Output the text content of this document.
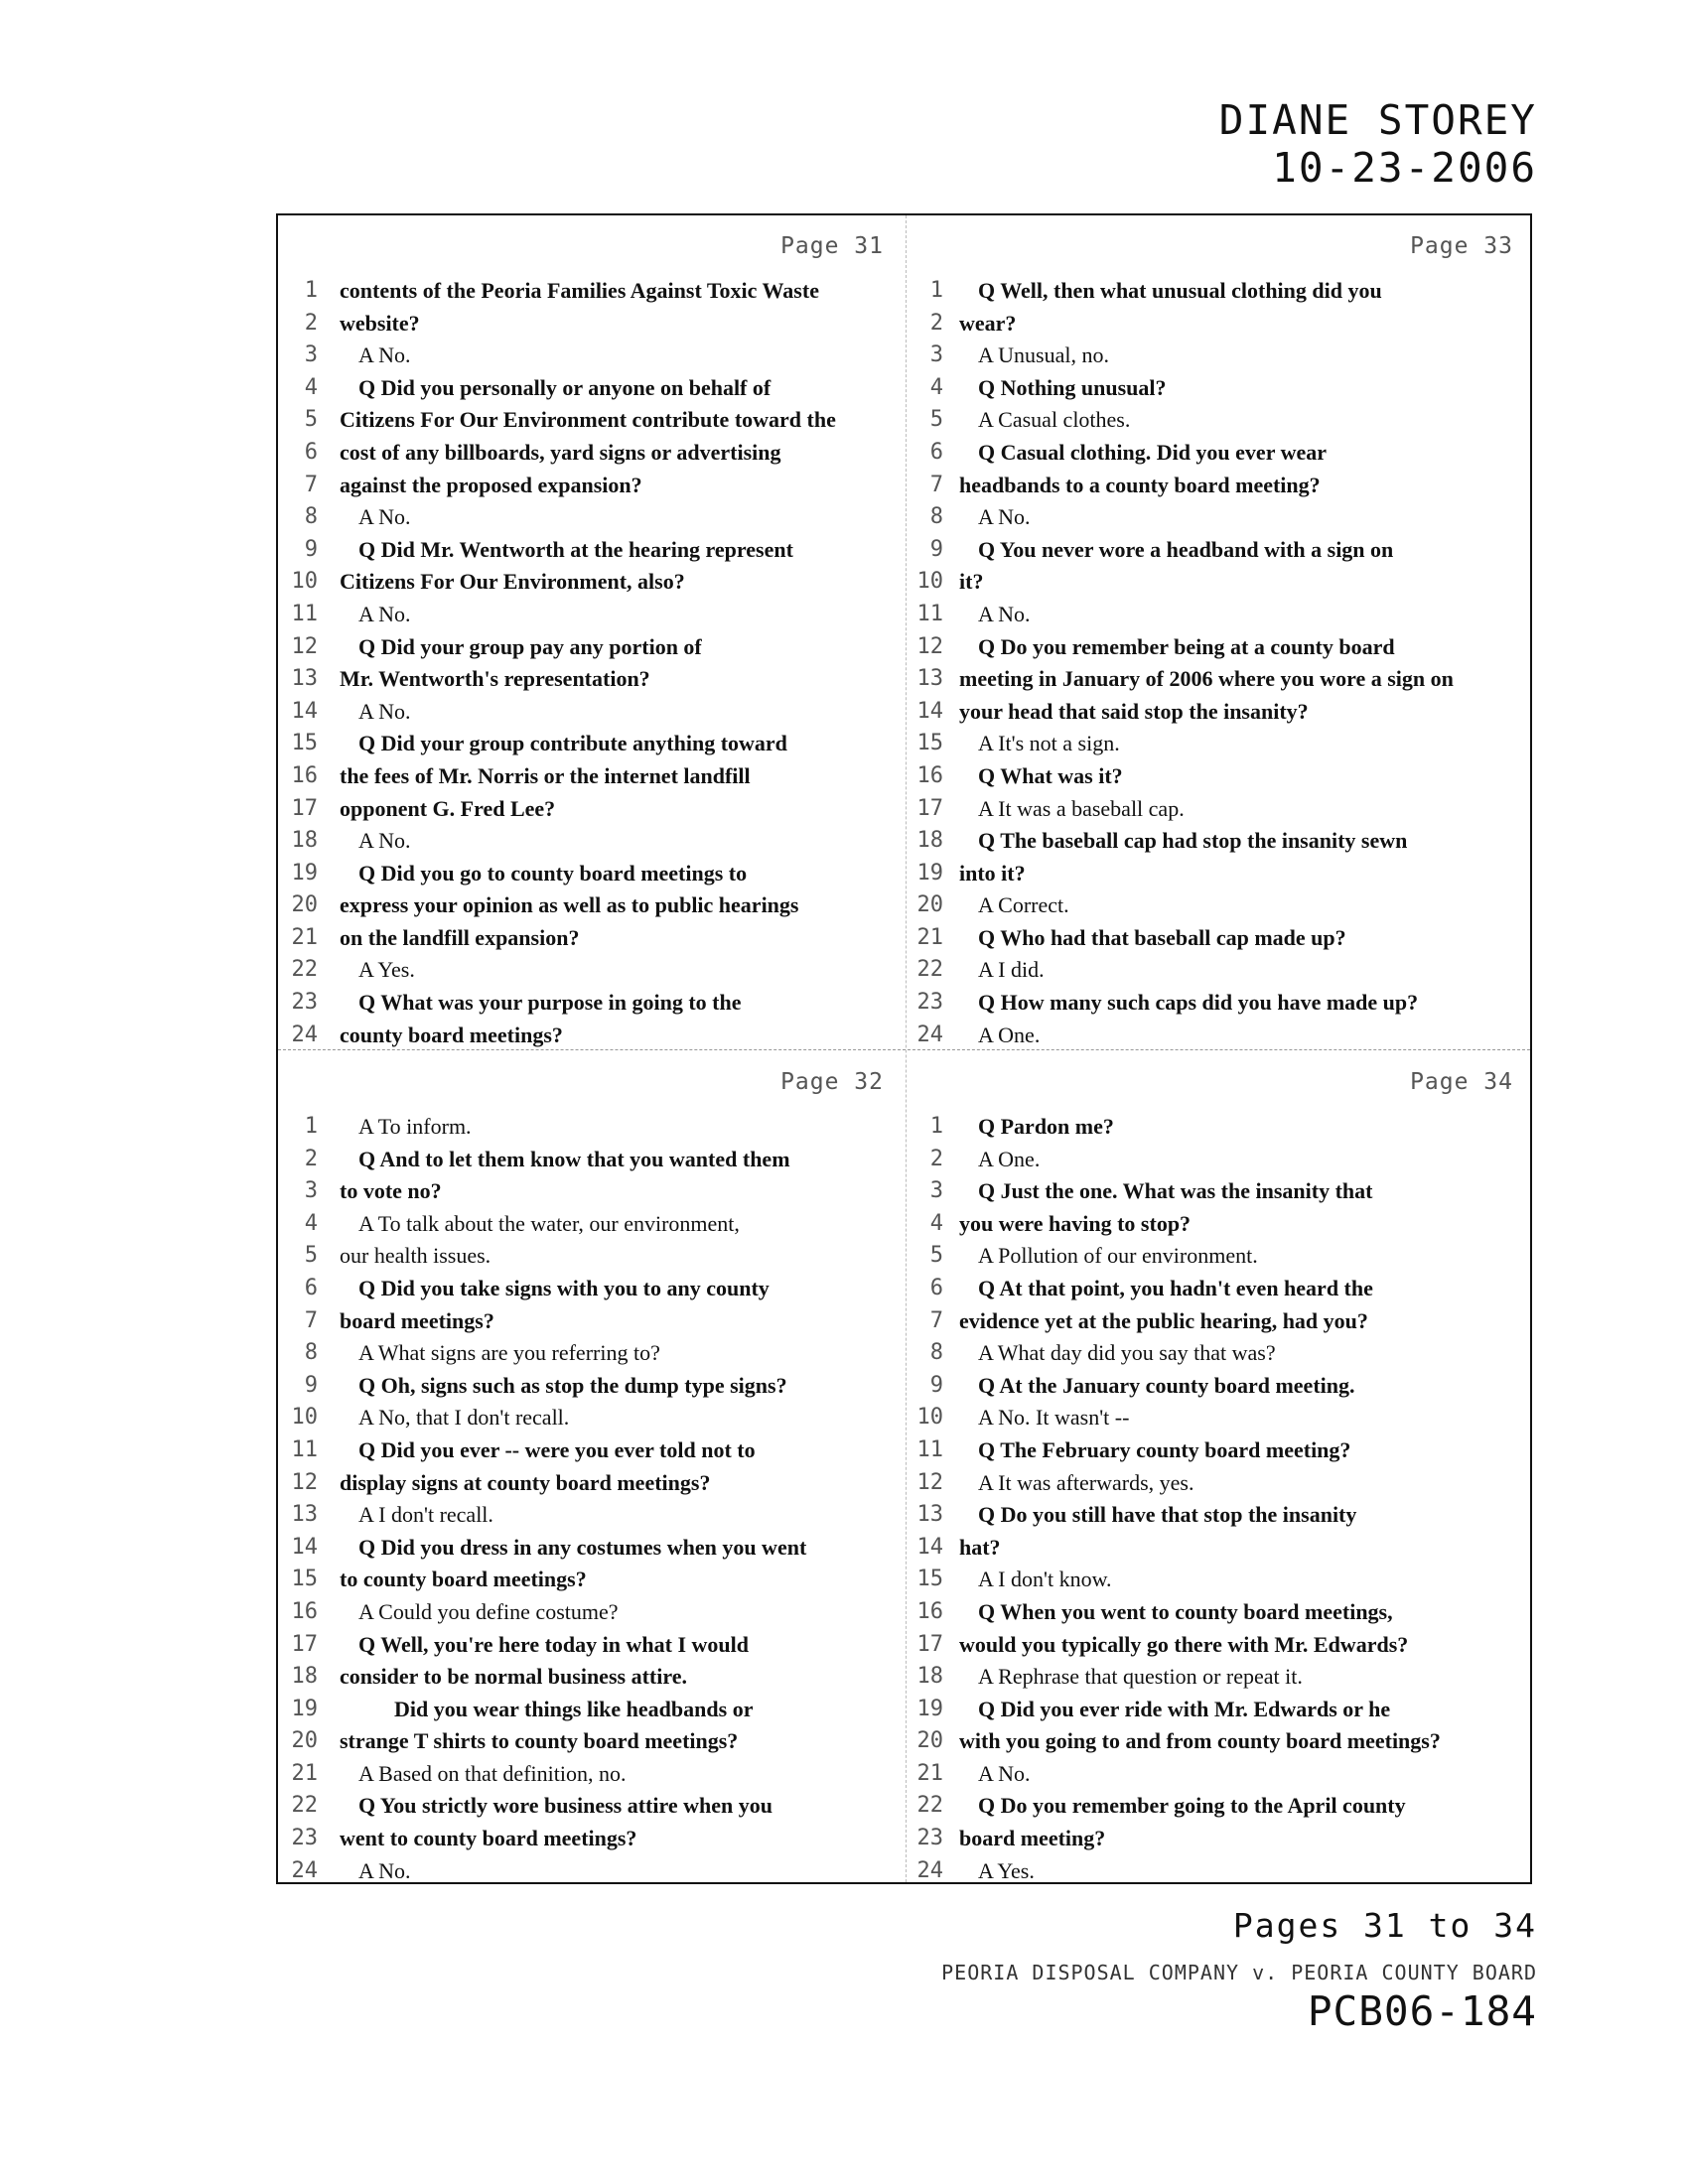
DIANE STOREY
10-23-2006
Page 31
1 contents of the Peoria Families Against Toxic Waste
2 website?
3	A No.
4	Q Did you personally or anyone on behalf of
5 Citizens For Our Environment contribute toward the
6 cost of any billboards, yard signs or advertising
7 against the proposed expansion?
8	A No.
9	Q Did Mr. Wentworth at the hearing represent
10 Citizens For Our Environment, also?
11	A No.
12	Q Did your group pay any portion of
13 Mr. Wentworth's representation?
14	A No.
15	Q Did your group contribute anything toward
16 the fees of Mr. Norris or the internet landfill
17 opponent G. Fred Lee?
18	A No.
19	Q Did you go to county board meetings to
20 express your opinion as well as to public hearings
21 on the landfill expansion?
22	A Yes.
23	Q What was your purpose in going to the
24 county board meetings?
Page 33
1	Q Well, then what unusual clothing did you
2 wear?
3	A Unusual, no.
4	Q Nothing unusual?
5	A Casual clothes.
6	Q Casual clothing. Did you ever wear
7 headbands to a county board meeting?
8	A No.
9	Q You never wore a headband with a sign on
10 it?
11	A No.
12	Q Do you remember being at a county board
13 meeting in January of 2006 where you wore a sign on
14 your head that said stop the insanity?
15	A It's not a sign.
16	Q What was it?
17	A It was a baseball cap.
18	Q The baseball cap had stop the insanity sewn
19 into it?
20	A Correct.
21	Q Who had that baseball cap made up?
22	A I did.
23	Q How many such caps did you have made up?
24	A One.
Page 32
1	A To inform.
2	Q And to let them know that you wanted them
3 to vote no?
4	A To talk about the water, our environment,
5 our health issues.
6	Q Did you take signs with you to any county
7 board meetings?
8	A What signs are you referring to?
9	Q Oh, signs such as stop the dump type signs?
10	A No, that I don't recall.
11	Q Did you ever -- were you ever told not to
12 display signs at county board meetings?
13	A I don't recall.
14	Q Did you dress in any costumes when you went
15 to county board meetings?
16	A Could you define costume?
17	Q Well, you're here today in what I would
18 consider to be normal business attire.
19	Did you wear things like headbands or
20 strange T shirts to county board meetings?
21	A Based on that definition, no.
22	Q You strictly wore business attire when you
23 went to county board meetings?
24	A No.
Page 34
1	Q Pardon me?
2	A One.
3	Q Just the one. What was the insanity that
4 you were having to stop?
5	A Pollution of our environment.
6	Q At that point, you hadn't even heard the
7 evidence yet at the public hearing, had you?
8	A What day did you say that was?
9	Q At the January county board meeting.
10	A No. It wasn't --
11	Q The February county board meeting?
12	A It was afterwards, yes.
13	Q Do you still have that stop the insanity
14 hat?
15	A I don't know.
16	Q When you went to county board meetings,
17 would you typically go there with Mr. Edwards?
18	A Rephrase that question or repeat it.
19	Q Did you ever ride with Mr. Edwards or he
20 with you going to and from county board meetings?
21	A No.
22	Q Do you remember going to the April county
23 board meeting?
24	A Yes.
Pages 31 to 34
PEORIA DISPOSAL COMPANY v. PEORIA COUNTY BOARD
PCB06-184
